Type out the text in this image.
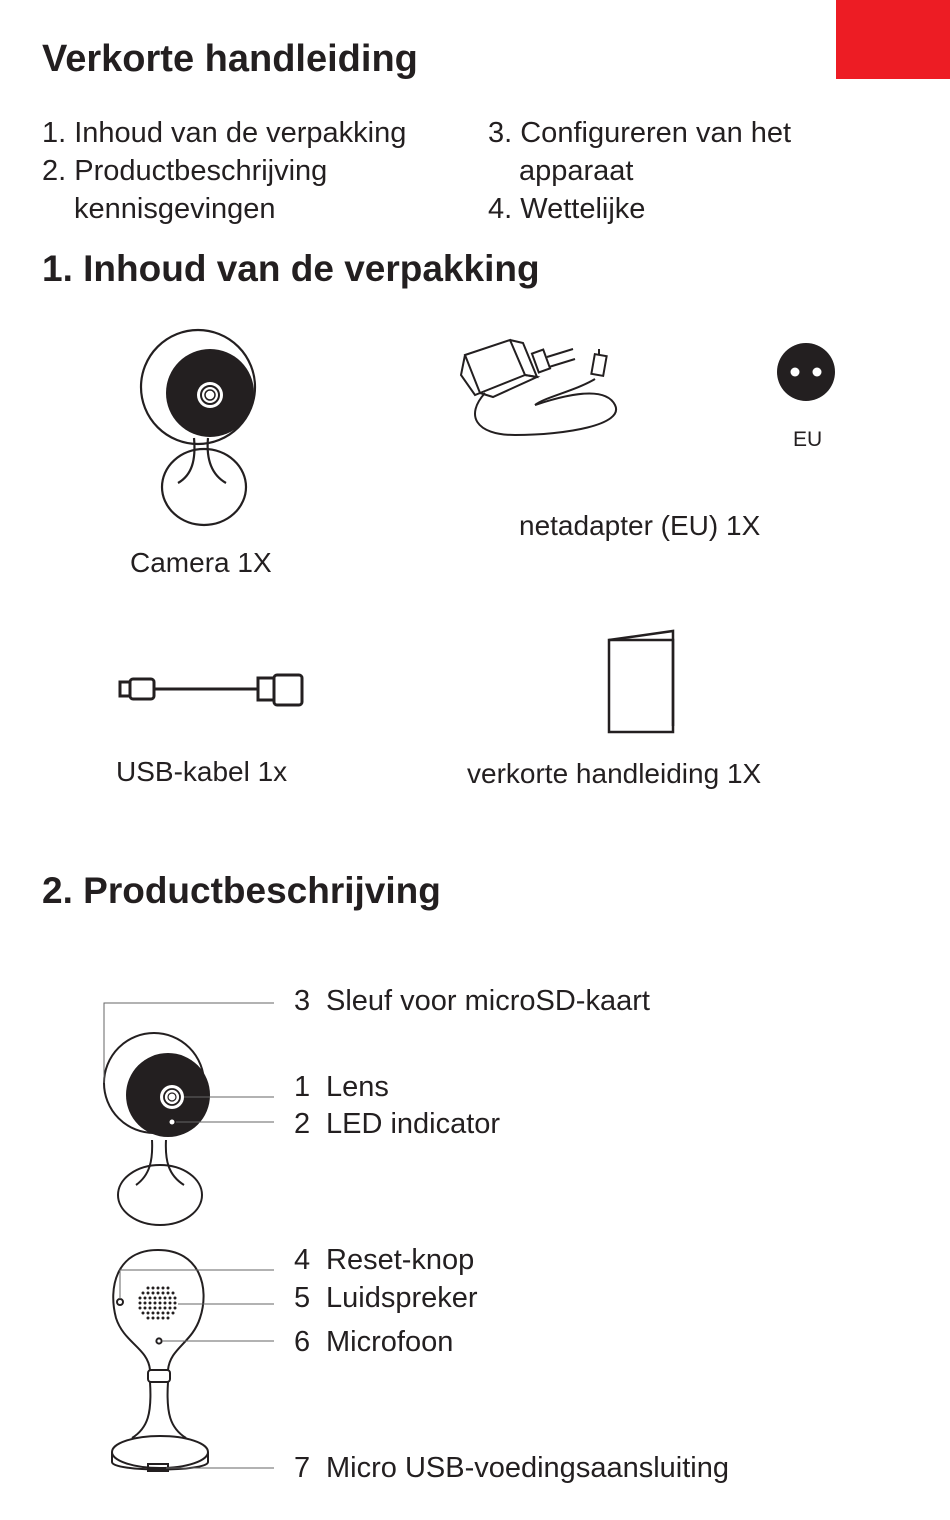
Verkorte handleiding
1. Inhoud van de verpakking
2. Productbeschrijving
kennisgevingen
3. Configureren van het
apparaat
4. Wettelijke
1. Inhoud van de verpakking
Camera 1X
EU
netadapter (EU) 1X
USB-kabel 1x	verkorte handleiding 1X
2. Productbeschrijving
3 Sleuf voor microSD-kaart
1 Lens
2 LED indicator
4 Reset-knop
5 Luidspreker
6 Microfoon
7 Micro USB-voedingsaansluiting
